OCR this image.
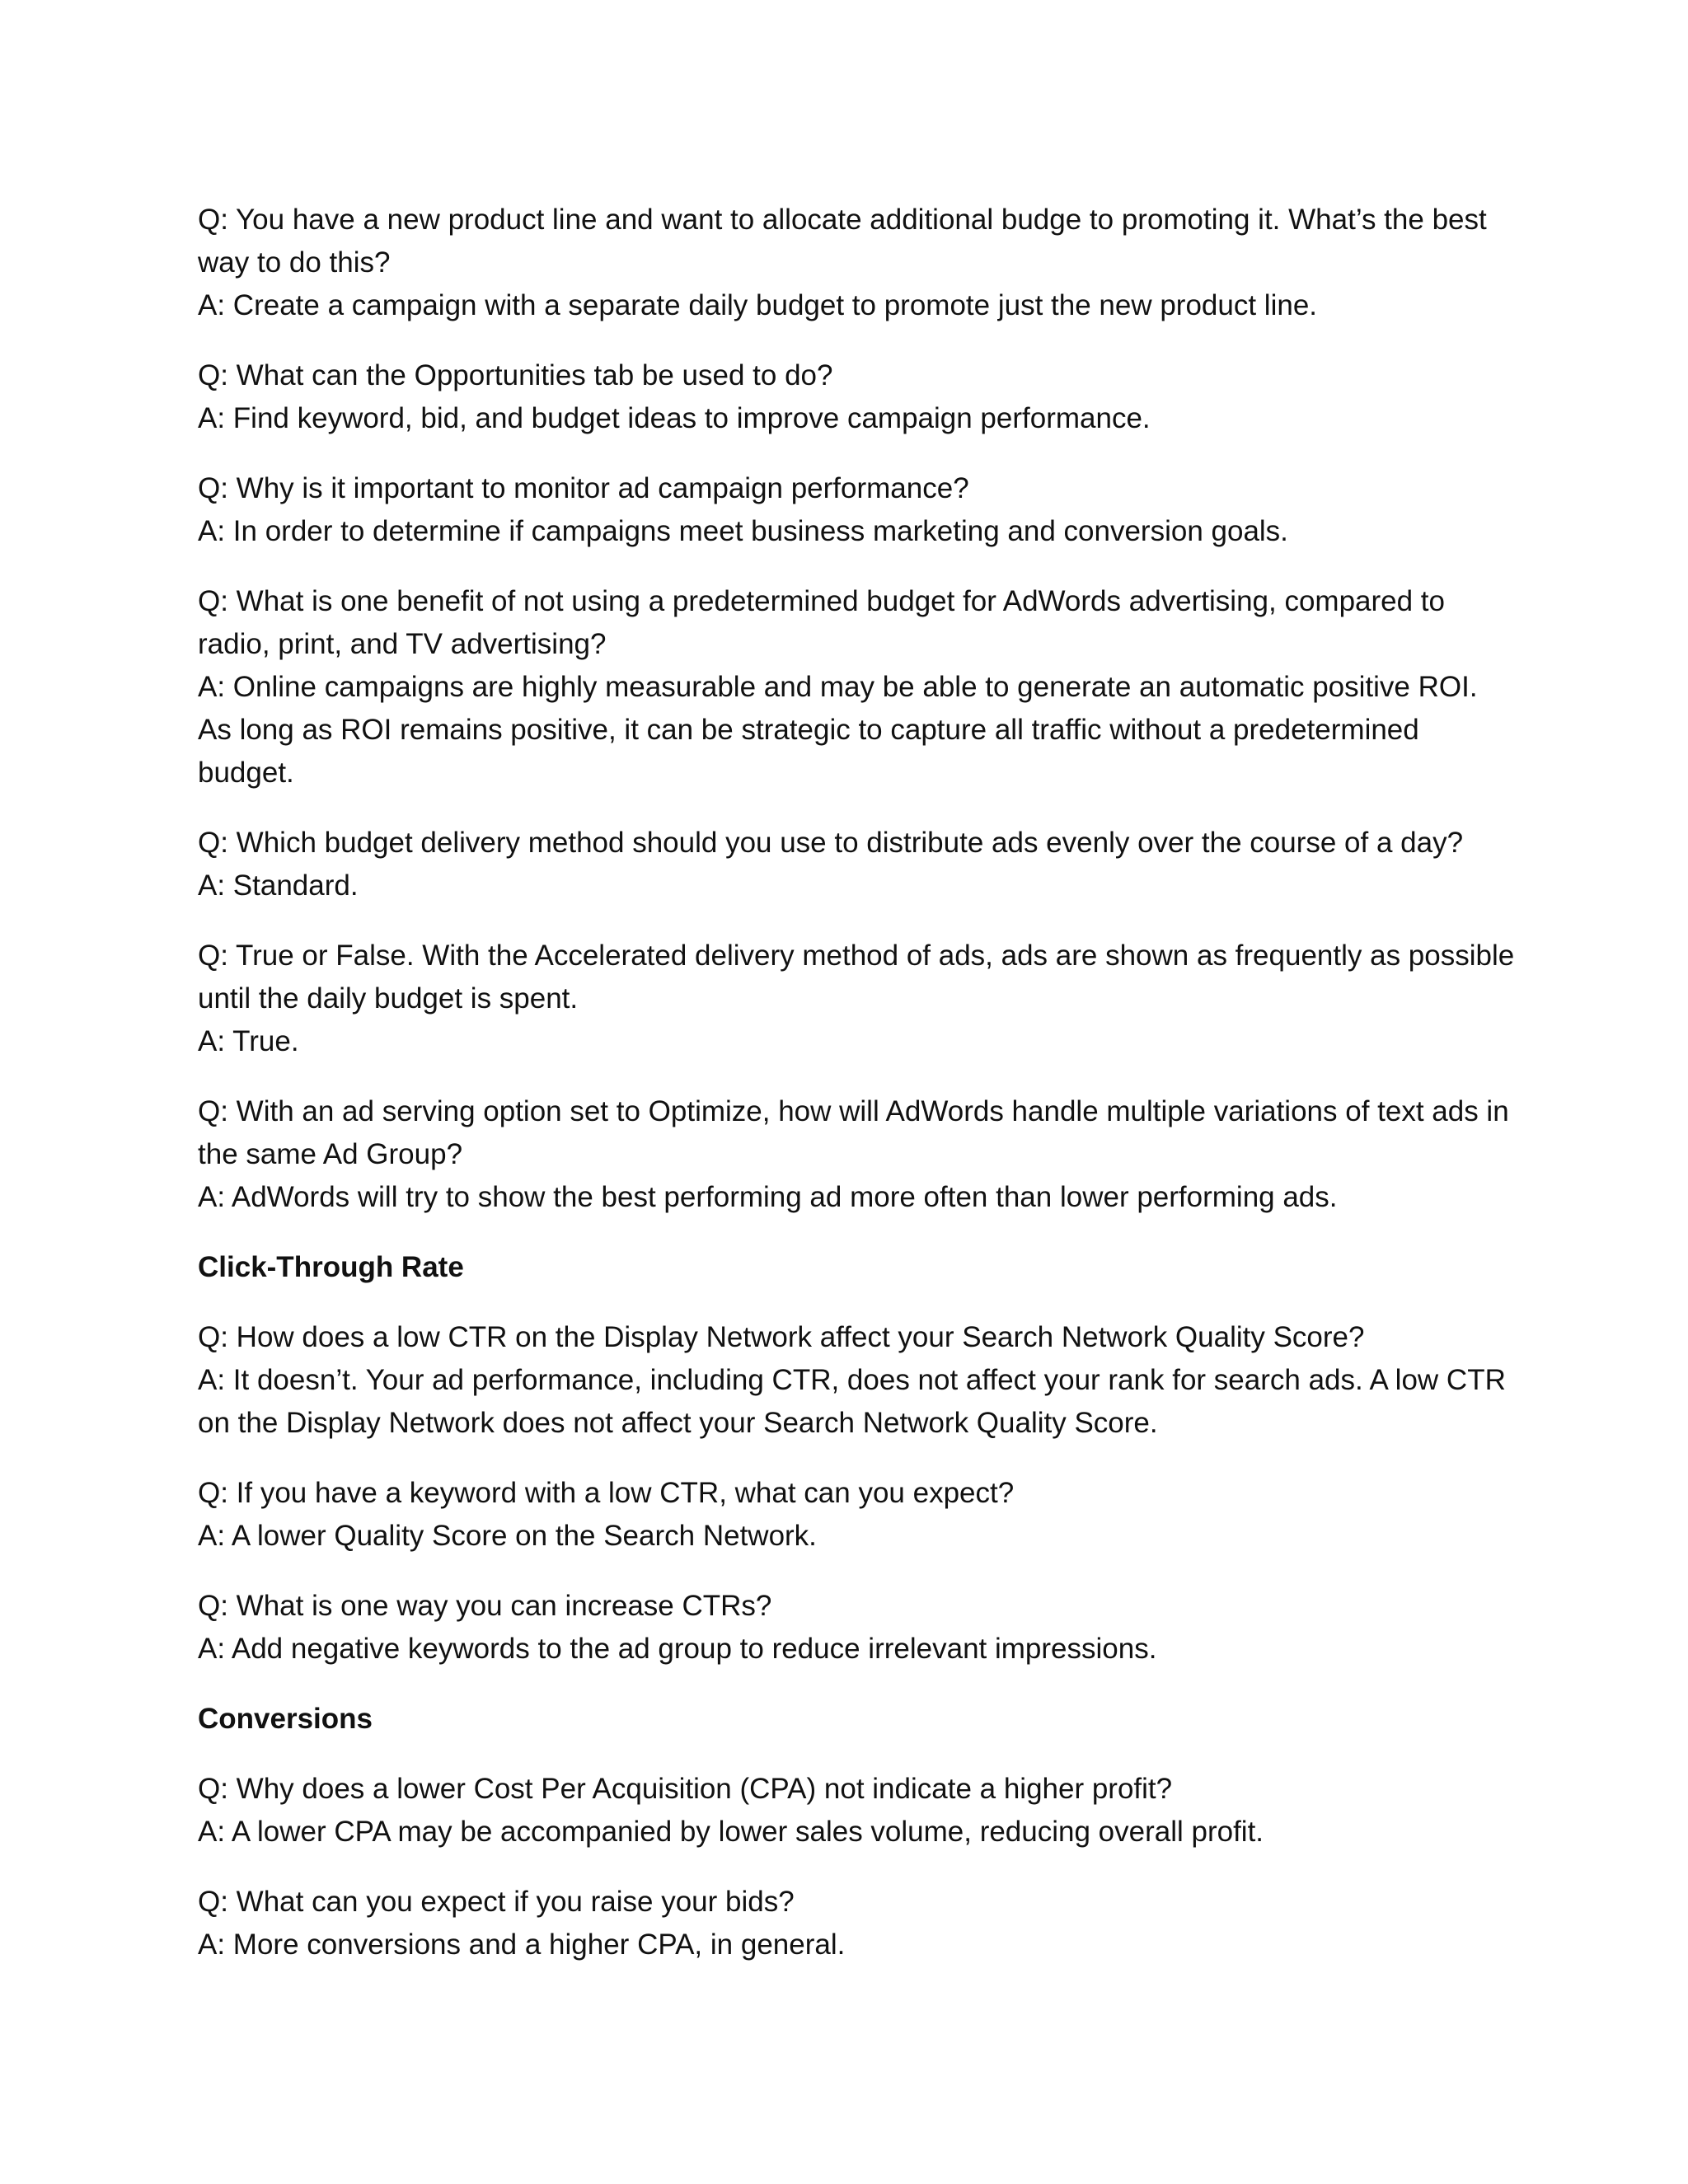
Q: You have a new product line and want to allocate additional budge to promoting it. What’s the best way to do this?

A: Create a campaign with a separate daily budget to promote just the new product line.

Q: What can the Opportunities tab be used to do?

A: Find keyword, bid, and budget ideas to improve campaign performance.

Q: Why is it important to monitor ad campaign performance?

A: In order to determine if campaigns meet business marketing and conversion goals.

Q: What is one benefit of not using a predetermined budget for AdWords advertising, compared to radio, print, and TV advertising?

A: Online campaigns are highly measurable and may be able to generate an automatic positive ROI. As long as ROI remains positive, it can be strategic to capture all traffic without a predetermined budget.

Q: Which budget delivery method should you use to distribute ads evenly over the course of a day?

A: Standard.

Q: True or False. With the Accelerated delivery method of ads, ads are shown as frequently as possible until the daily budget is spent.

A: True.

Q: With an ad serving option set to Optimize, how will AdWords handle multiple variations of text ads in the same Ad Group?

A: AdWords will try to show the best performing ad more often than lower performing ads.

Click-Through Rate

Q: How does a low CTR on the Display Network affect your Search Network Quality Score?

A: It doesn’t. Your ad performance, including CTR, does not affect your rank for search ads. A low CTR on the Display Network does not affect your Search Network Quality Score.

Q: If you have a keyword with a low CTR, what can you expect?

A: A lower Quality Score on the Search Network.

Q: What is one way you can increase CTRs?

A: Add negative keywords to the ad group to reduce irrelevant impressions.

Conversions

Q: Why does a lower Cost Per Acquisition (CPA) not indicate a higher profit?

A: A lower CPA may be accompanied by lower sales volume, reducing overall profit.

Q: What can you expect if you raise your bids?

A: More conversions and a higher CPA, in general.
